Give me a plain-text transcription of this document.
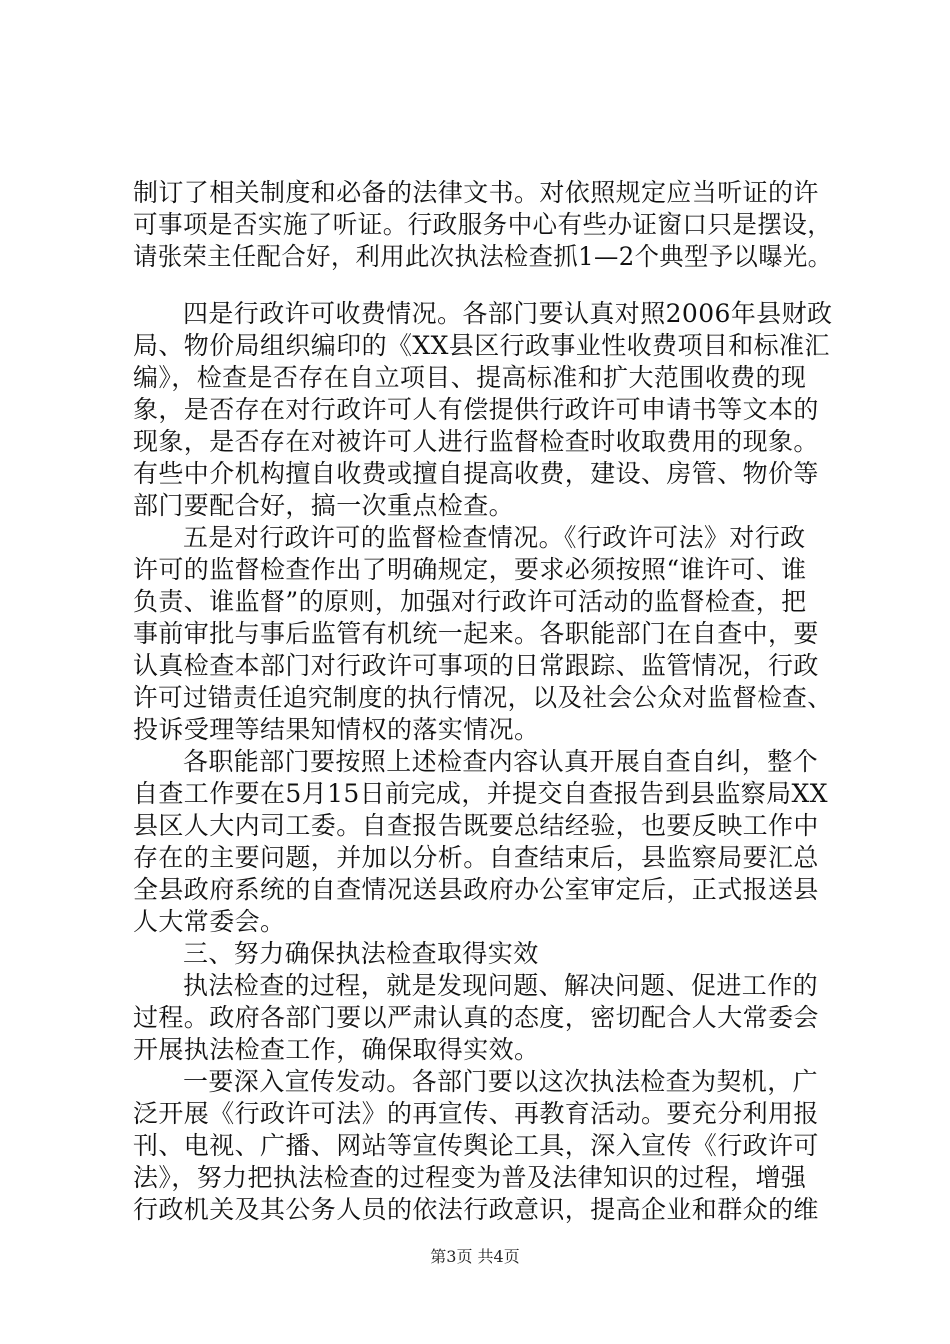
制订了相关制度和必备的法律文书。对依照规定应当听证的许
可事项是否实施了听证。行政服务中心有些办证窗口只是摆设，
请张荣主任配合好，利用此次执法检查抓1—2个典型予以曝光。
四是行政许可收费情况。各部门要认真对照2006年县财政
局、物价局组织编印的《XX县区行政事业性收费项目和标准汇
编》，检查是否存在自立项目、提高标准和扩大范围收费的现
象，是否存在对行政许可人有偿提供行政许可申请书等文本的
现象，是否存在对被许可人进行监督检查时收取费用的现象。
有些中介机构擅自收费或擅自提高收费，建设、房管、物价等
部门要配合好，搞一次重点检查。
五是对行政许可的监督检查情况。《行政许可法》对行政
许可的监督检查作出了明确规定，要求必须按照“谁许可、谁
负责、谁监督”的原则，加强对行政许可活动的监督检查，把
事前审批与事后监管有机统一起来。各职能部门在自查中，要
认真检查本部门对行政许可事项的日常跟踪、监管情况，行政
许可过错责任追究制度的执行情况，以及社会公众对监督检查、
投诉受理等结果知情权的落实情况。
各职能部门要按照上述检查内容认真开展自查自纠，整个
自查工作要在5月15日前完成，并提交自查报告到县监察局XX
县区人大内司工委。自查报告既要总结经验，也要反映工作中
存在的主要问题，并加以分析。自查结束后，县监察局要汇总
全县政府系统的自查情况送县政府办公室审定后，正式报送县
人大常委会。
三、努力确保执法检查取得实效
执法检查的过程，就是发现问题、解决问题、促进工作的
过程。政府各部门要以严肃认真的态度，密切配合人大常委会
开展执法检查工作，确保取得实效。
一要深入宣传发动。各部门要以这次执法检查为契机，广
泛开展《行政许可法》的再宣传、再教育活动。要充分利用报
刊、电视、广播、网站等宣传舆论工具，深入宣传《行政许可
法》，努力把执法检查的过程变为普及法律知识的过程，增强
行政机关及其公务人员的依法行政意识，提高企业和群众的维
第3页 共4页
